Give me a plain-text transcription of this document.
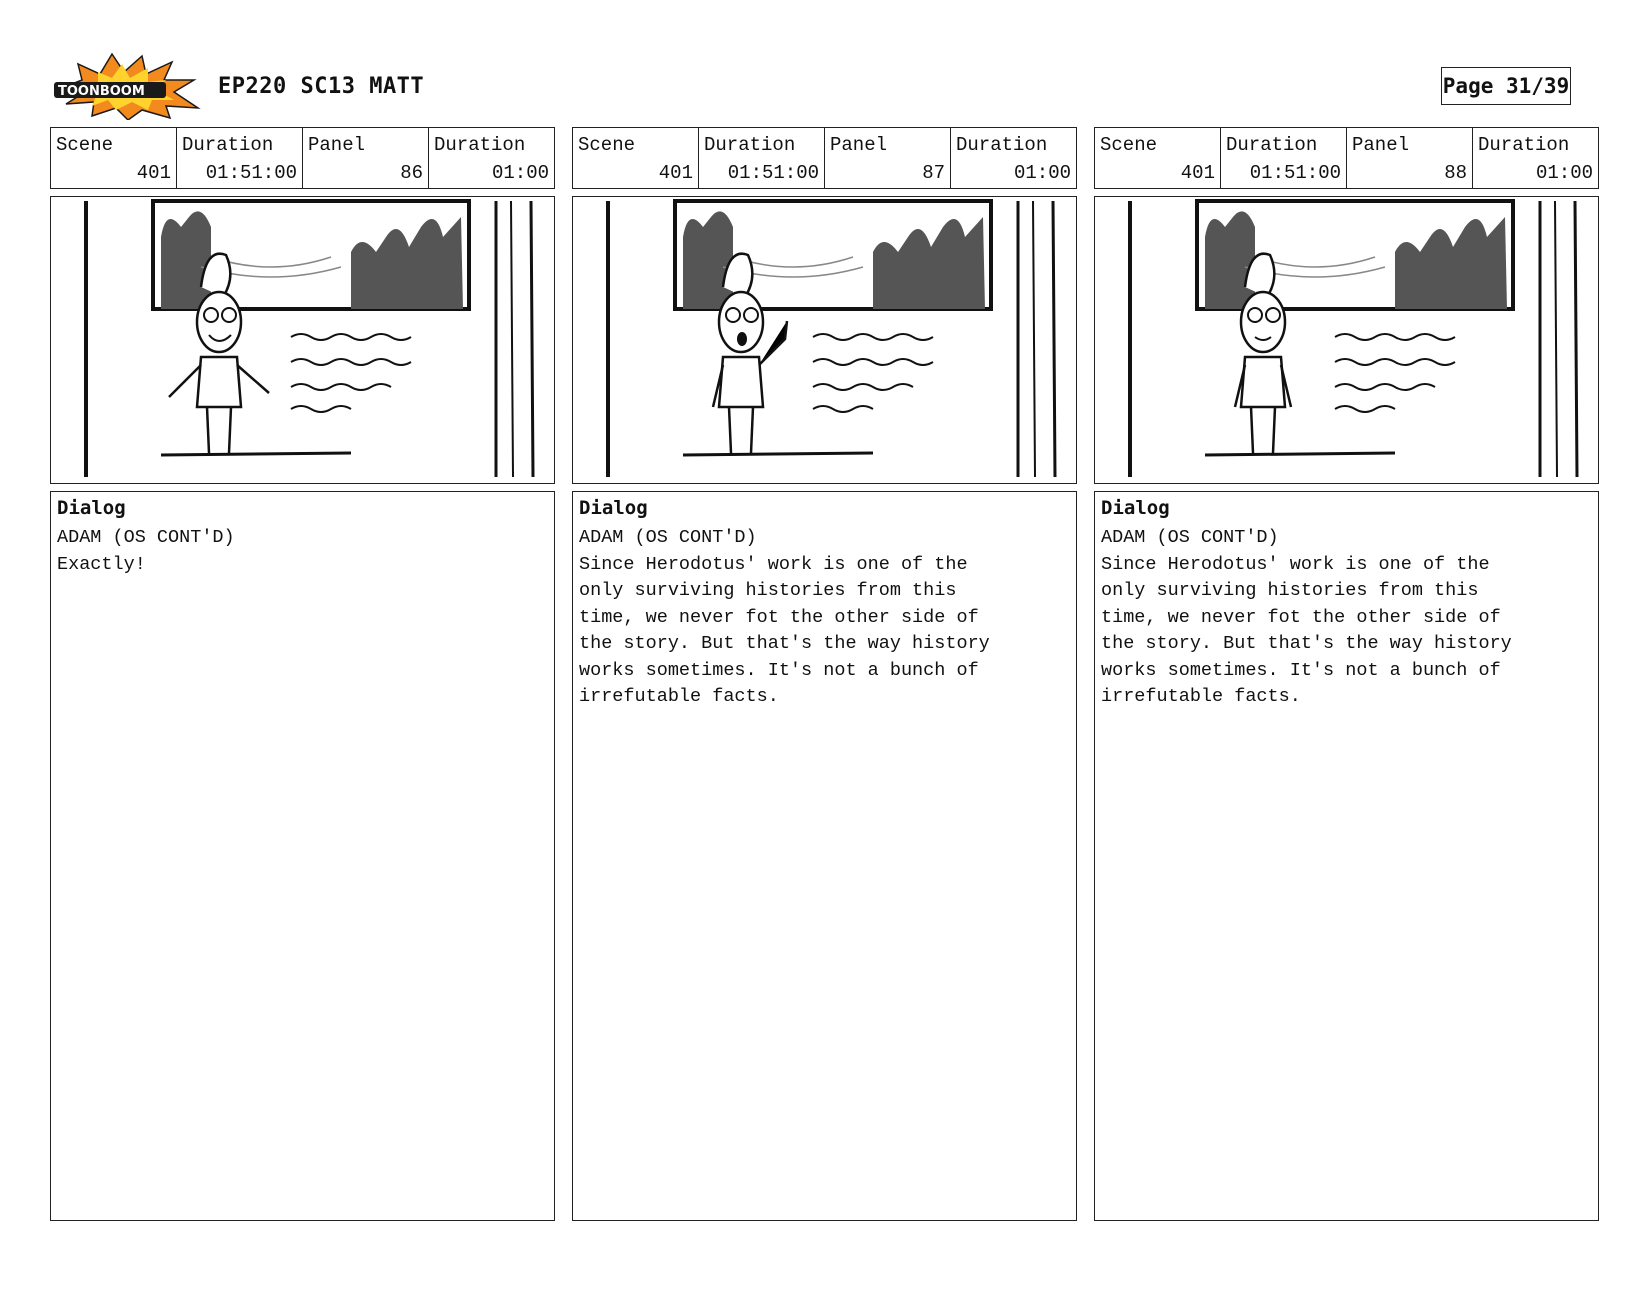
TOONBOOM	EP220 SC13 MATT	Page 31/39
Scene
401
Duration
01:51:00
Panel
86
Duration
01:00
Dialog
ADAM (OS CONT'D)
Exactly!
Scene
401
Duration
01:51:00
Panel
87
Duration
01:00
Dialog
ADAM (OS CONT'D)
Since Herodotus' work is one of the
only surviving histories from this
time, we never fot the other side of
the story. But that's the way history
works sometimes. It's not a bunch of
irrefutable facts.
Scene
401
Duration
01:51:00
Panel
88
Duration
01:00
Dialog
ADAM (OS CONT'D)
Since Herodotus' work is one of the
only surviving histories from this
time, we never fot the other side of
the story. But that's the way history
works sometimes. It's not a bunch of
irrefutable facts.
